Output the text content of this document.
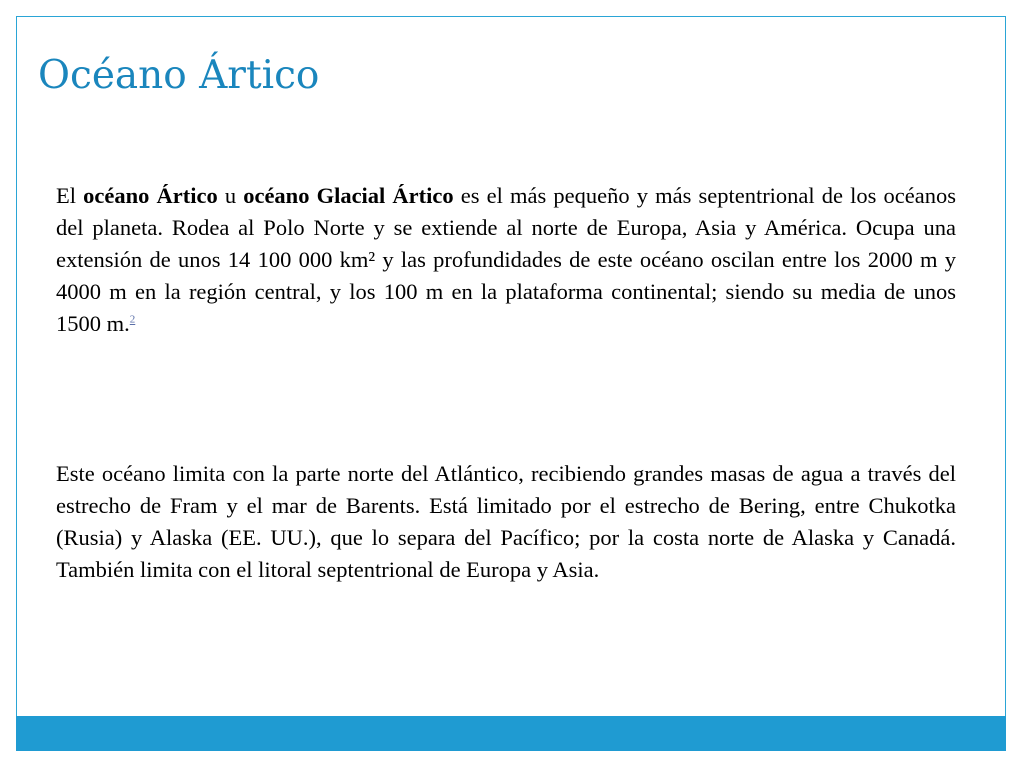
Océano Ártico

El océano Ártico u océano Glacial Ártico es el más pequeño y más septentrional de los océanos del planeta. Rodea al Polo Norte y se extiende al norte de Europa, Asia y América. Ocupa una extensión de unos 14 100 000 km² y las profundidades de este océano oscilan entre los 2000 m y 4000 m en la región central, y los 100 m en la plataforma continental; siendo su media de unos 1500 m.$^2$

Este océano limita con la parte norte del Atlántico, recibiendo grandes masas de agua a través del estrecho de Fram y el mar de Barents. Está limitado por el estrecho de Bering, entre Chukotka (Rusia) y Alaska (EE. UU.), que lo separa del Pacífico; por la costa norte de Alaska y Canadá. También limita con el litoral septentrional de Europa y Asia.
